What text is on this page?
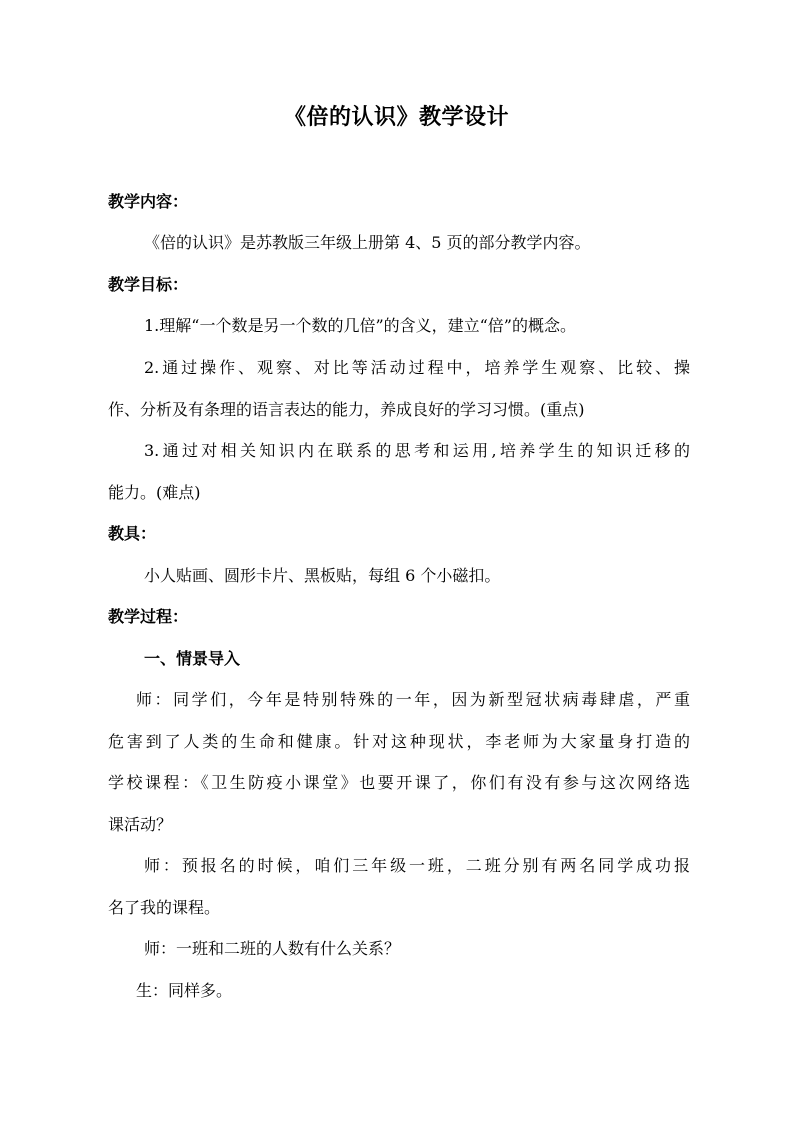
《倍的认识》教学设计
教学内容：
《倍的认识》是苏教版三年级上册第 4、5 页的部分教学内容。
教学目标：
1.理解“一个数是另一个数的几倍”的含义，建立“倍”的概念。
2.通过操作、观察、对比等活动过程中，培养学生观察、比较、操
作、分析及有条理的语言表达的能力，养成良好的学习习惯。(重点)
3.通过对相关知识内在联系的思考和运用,培养学生的知识迁移的
能力。(难点)
教具：
小人贴画、圆形卡片、黑板贴，每组 6 个小磁扣。
教学过程：
一、情景导入
师：同学们，今年是特别特殊的一年，因为新型冠状病毒肆虐，严重
危害到了人类的生命和健康。针对这种现状，李老师为大家量身打造的
学校课程：《卫生防疫小课堂》也要开课了，你们有没有参与这次网络选
课活动？
师：预报名的时候，咱们三年级一班，二班分别有两名同学成功报
名了我的课程。
师：一班和二班的人数有什么关系？
生：同样多。
